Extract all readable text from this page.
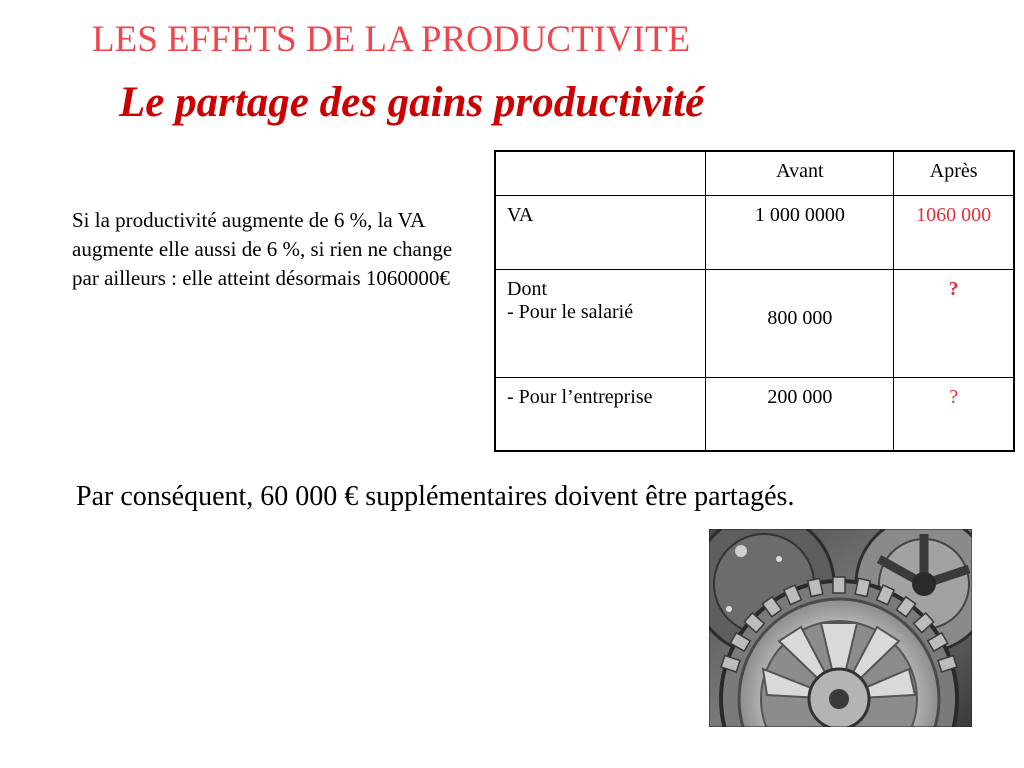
LES EFFETS DE LA PRODUCTIVITE
Le partage des gains productivité

Si la productivité augmente de 6 %, la VA augmente elle aussi de 6 %, si rien ne change par ailleurs : elle atteint désormais 1060000€

	Avant	Après

VA	1 000 0000	1060 000

Dont
- Pour le salarié	800 000	?

- Pour l’entreprise	200 000	?

Par conséquent, 60 000 € supplémentaires doivent être partagés.
